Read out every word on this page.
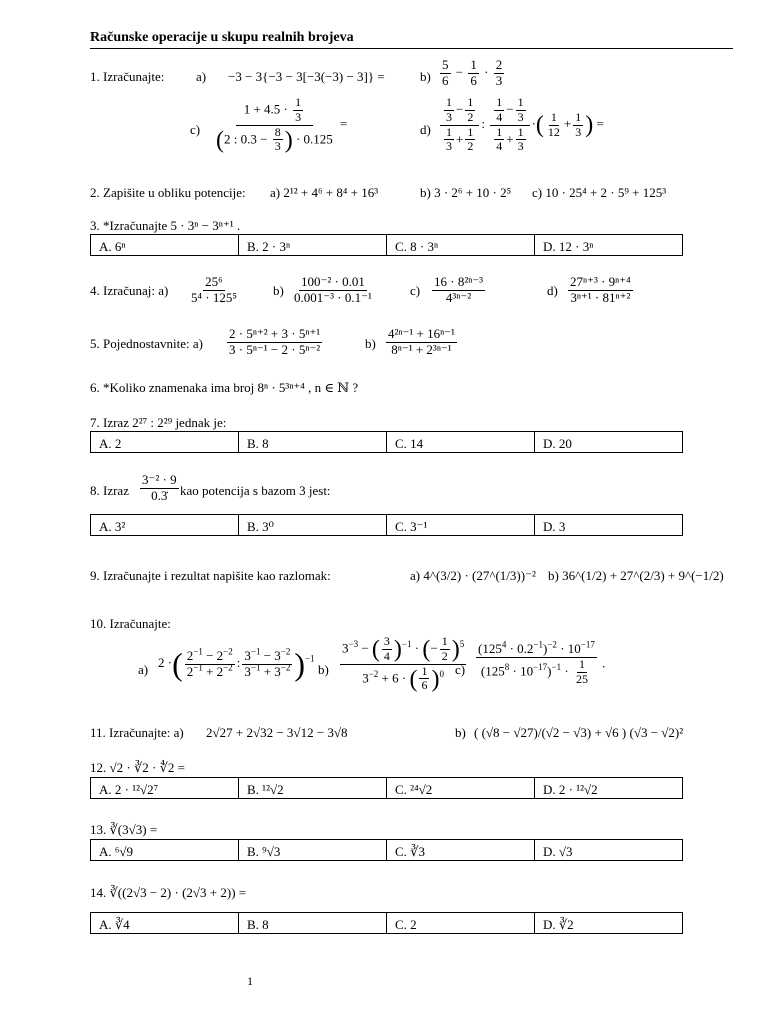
Računske operacije u skupu realnih brojeva
1. Izračunajte: a) −3 − 3{−3 − 3[−3(−3) − 3]} =	$b) \frac{5}{6} - \frac{1}{6} \cdot \frac{2}{3}$
$c) \frac{1 + 4.5 \cdot \frac{1}{3}}{(2 : 0.3 - \frac{8}{3} ) \cdot 0.125}$ =	$d) \frac{\frac{1}{3} - \frac{1}{2}}{\frac{1}{3} + \frac{1}{2}}$ : $\frac{\frac{1}{4} - \frac{1}{3}}{\frac{1}{4} + \frac{1}{3}}$ ·( $\frac{1}{12} + \frac{1}{3}$ ) =
2. Zapišite u obliku potencije: a) 2¹² + 4⁶ + 8⁴ + 16³	b) 3 · 2⁶ + 10 · 2⁵ c) 10 · 25⁴ + 2 · 5⁹ + 125³
3. *Izračunajte 5 · 3ⁿ − 3ⁿ⁺¹ .
A. 6ⁿ	B. 2 · 3ⁿ	C. 8 · 3ⁿ	D. 12 · 3ⁿ
4. Izračunaj: $a) \frac{\text{25⁶}}{\text{5⁴ · 125⁵}}$	$b) \frac{\text{100⁻² · 0.01}}{\text{0.001⁻³ · 0.1⁻¹}}$	$c) \frac{\text{16 · 8²ⁿ⁻³}}{\text{4³ⁿ⁻²}}$	$d) \frac{\text{27ⁿ⁺³ · 9ⁿ⁺⁴}}{\text{3ⁿ⁺¹ · 81ⁿ⁺²}}$
5. Pojednostavnite: $a) \frac{\text{2 · 5ⁿ⁺² + 3 · 5ⁿ⁺¹}}{\text{3 · 5ⁿ⁻¹ − 2 · 5ⁿ⁻²}}$	$b) \frac{\text{4²ⁿ⁻¹ + 16ⁿ⁻¹}}{\text{8ⁿ⁻¹ + 2³ⁿ⁻¹}}$
6. *Koliko znamenaka ima broj 8ⁿ · 5³ⁿ⁺⁴ , n ∈ ℕ ?
7. Izraz 2²⁷ : 2²⁹ jednak je:
A. 2	B. 8	C. 14	D. 20
8. Izraz $\frac{\text{3⁻² · 9}}{0.3̇}$ kao potencija s bazom 3 jest:
A. 3²	B. 3⁰	C. 3⁻¹	D. 3
9. Izračunajte i rezultat napišite kao razlomak:	a) 4^(3/2) · (27^(1/3))⁻² b) 36^(1/2) + 27^(2/3) + 9^(−1/2)
10. Izračunajte:
a) 2 ·( $\frac{2^{-1} - 2^{-2}}{2^{-1} + 2^{-2}}$ : $\frac{3^{-1} - 3^{-2}}{3^{-1} + 3^{-2}} )^{-1}$
$b) \frac{3^{-3} - ( \frac{3}{4} )^{-1} \cdot (- \frac{1}{2} )^5}{3^{-2} + 6 \cdot ( \frac{1}{6} )^0}$
$c) \frac{(125^4 \cdot 0.2^{-1})^{-2} \cdot 10^{-17}}{(125^8 \cdot 10^{-17})^{-1} \cdot \frac{1}{25}}$ .
11. Izračunajte: a) 2√27 + 2√32 − 3√12 − 3√8	b) ( (√8 − √27)/(√2 − √3) + √6 ) (√3 − √2)²
12. √2 · ∛2 · ∜2 =
A. 2 · ¹²√2⁷	B. ¹²√2	C. ²⁴√2	D. 2 · ¹²√2
13. ∛(3√3) =
A. ⁶√9	B. ⁹√3	C. ∛3	D. √3
14. ∛((2√3 − 2) · (2√3 + 2)) =
A. ∛4	B. 8	C. 2	D. ∛2
1
